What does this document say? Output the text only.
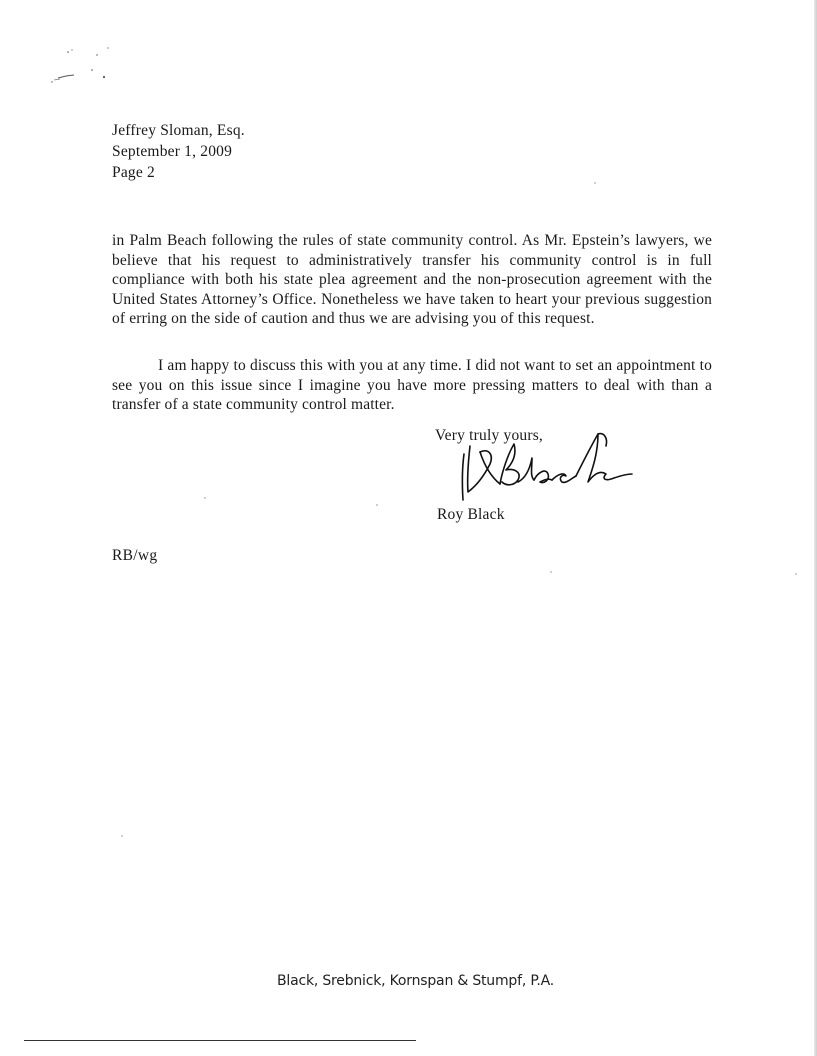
Jeffrey Sloman, Esq.
September 1, 2009
Page 2
in Palm Beach following the rules of state community control. As Mr. Epstein’s lawyers, we believe that his request to administratively transfer his community control is in full compliance with both his state plea agreement and the non-prosecution agreement with the United States Attorney’s Office. Nonetheless we have taken to heart your previous suggestion of erring on the side of caution and thus we are advising you of this request.
I am happy to discuss this with you at any time. I did not want to set an appointment to see you on this issue since I imagine you have more pressing matters to deal with than a transfer of a state community control matter.
Very truly yours,
Roy Black
RB/wg
Black, Srebnick, Kornspan & Stumpf, P.A.
